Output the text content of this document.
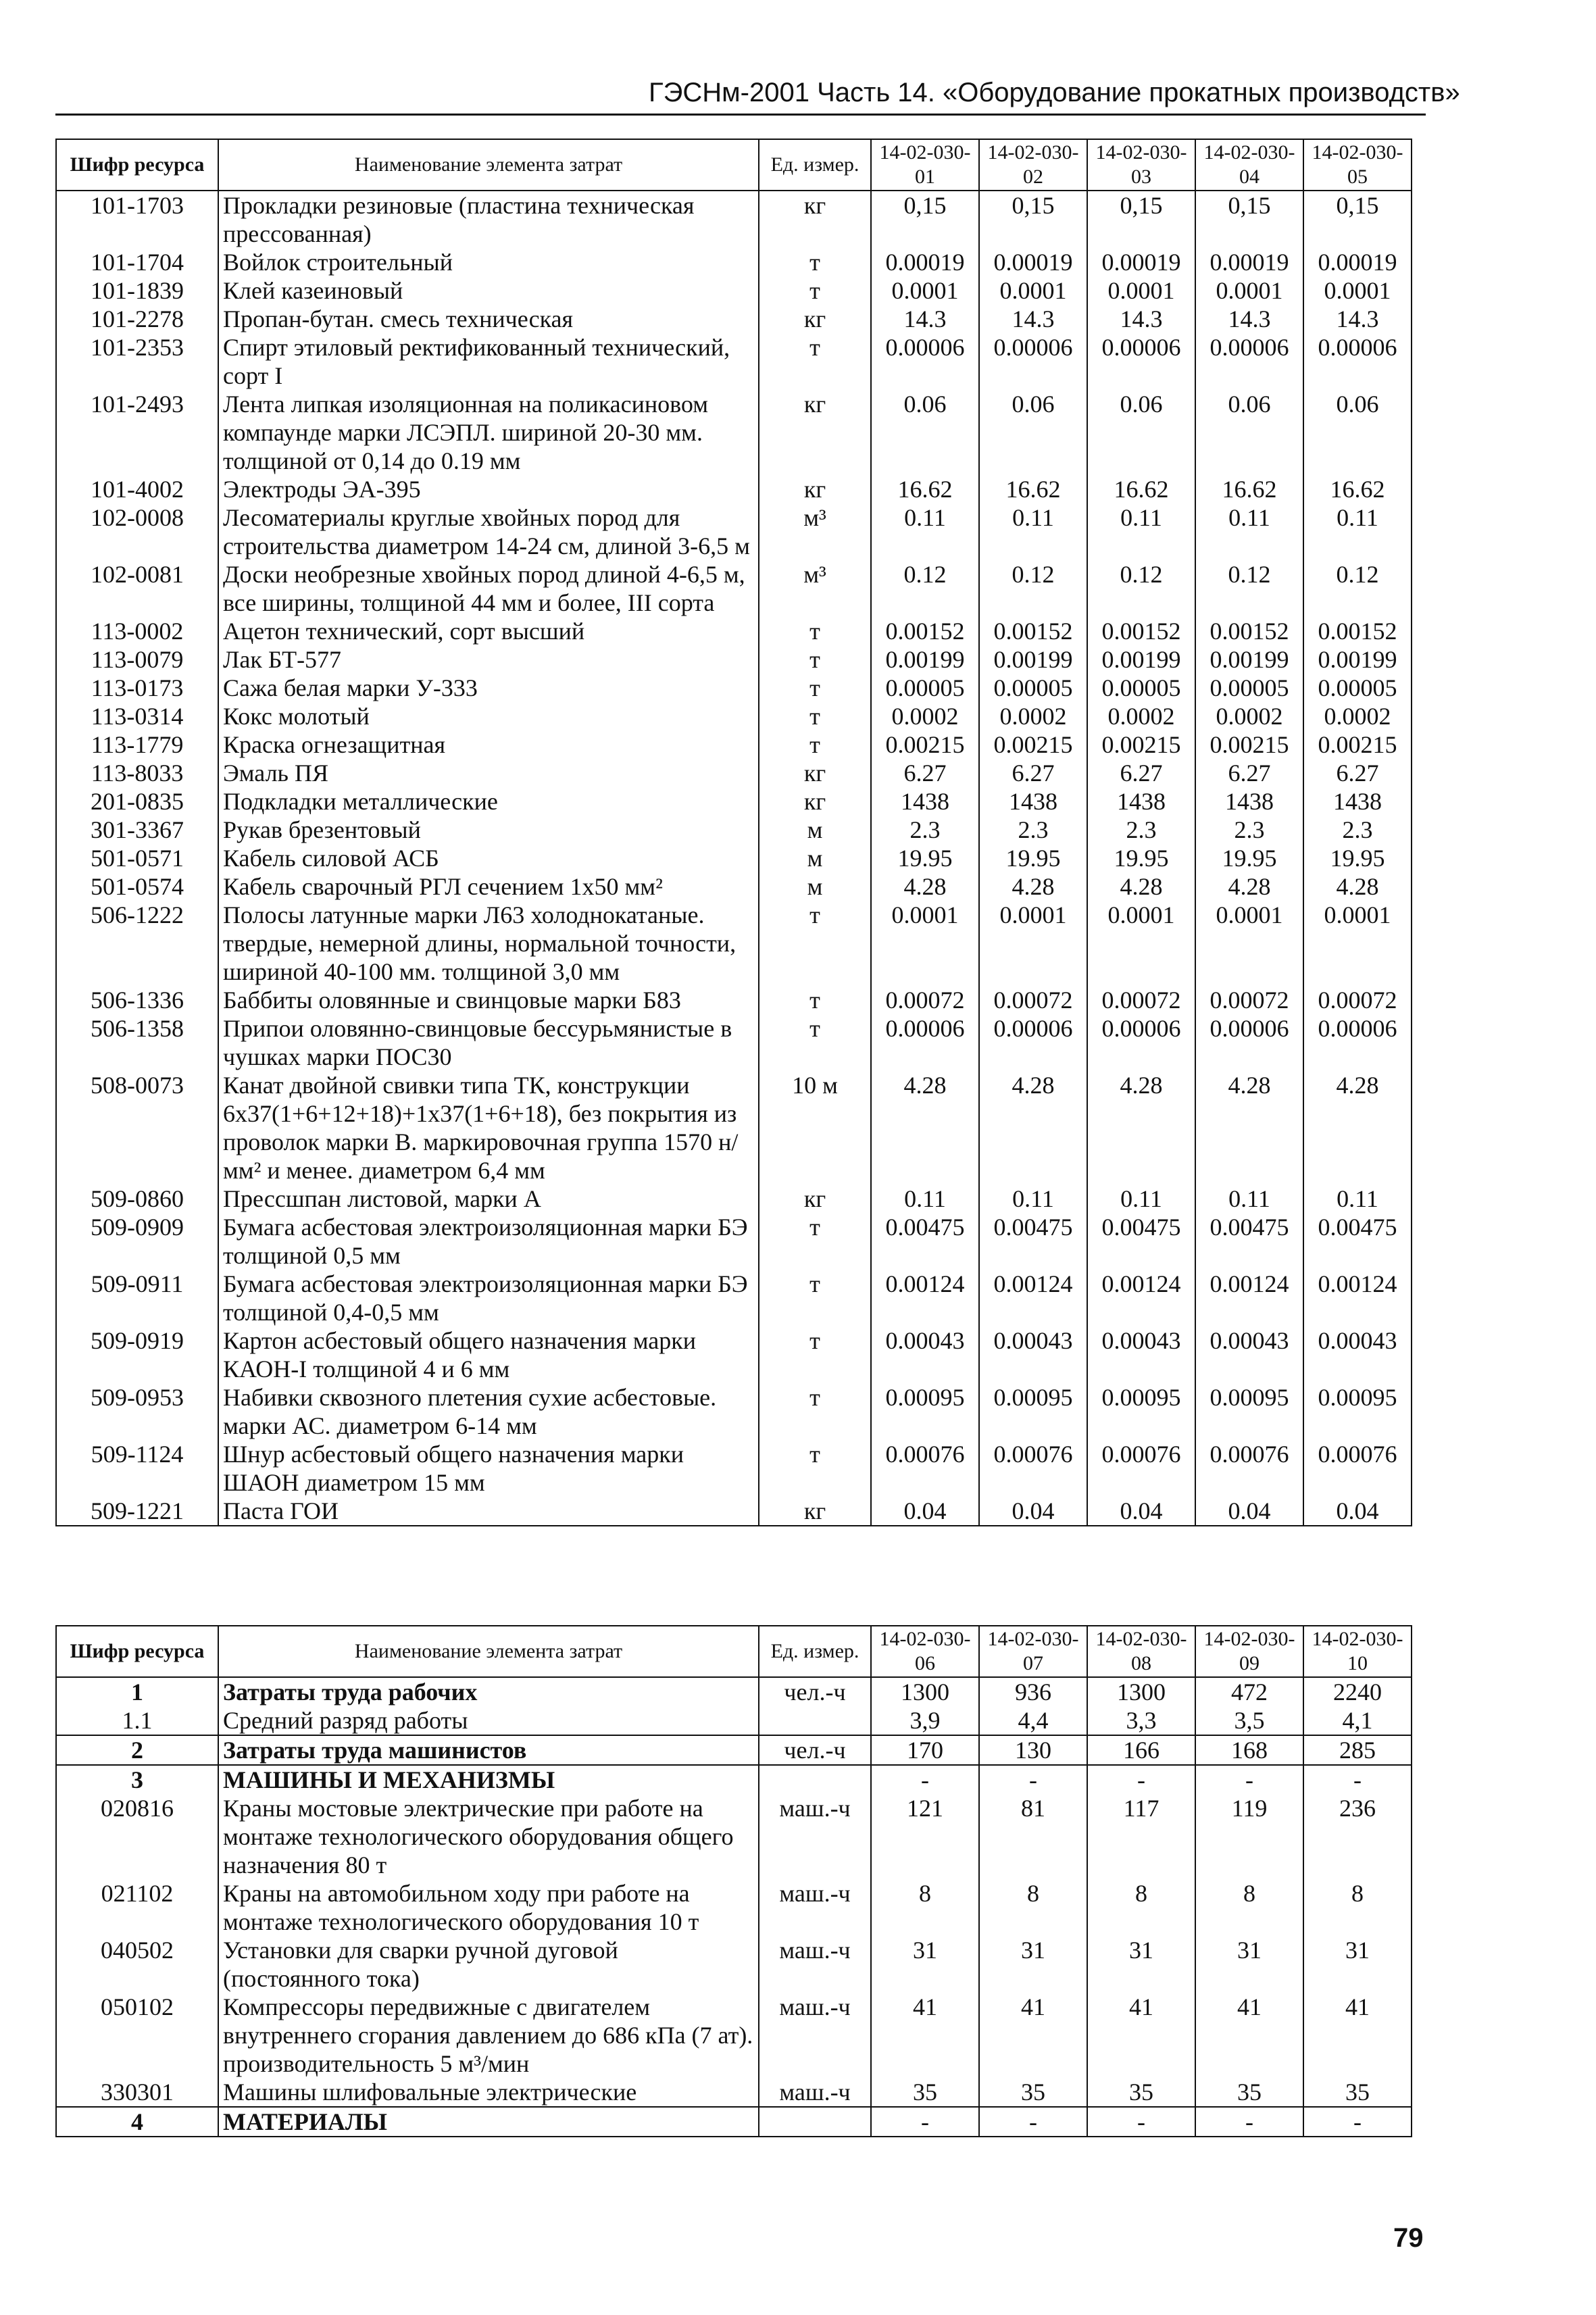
ГЭСНм-2001 Часть 14. «Оборудование прокатных производств»
Шифр ресурса	Наименование элемента затрат	Ед. измер.	14-02-030-01	14-02-030-02	14-02-030-03	14-02-030-04	14-02-030-05
101-1703	Прокладки резиновые (пластина техническая прессованная)	кг	0,15	0,15	0,15	0,15	0,15
101-1704	Войлок строительный	т	0.00019	0.00019	0.00019	0.00019	0.00019
101-1839	Клей казеиновый	т	0.0001	0.0001	0.0001	0.0001	0.0001
101-2278	Пропан-бутан. смесь техническая	кг	14.3	14.3	14.3	14.3	14.3
101-2353	Спирт этиловый ректификованный технический, сорт I	т	0.00006	0.00006	0.00006	0.00006	0.00006
101-2493	Лента липкая изоляционная на поликасиновом компаунде марки ЛСЭПЛ. шириной 20-30 мм. толщиной от 0,14 до 0.19 мм	кг	0.06	0.06	0.06	0.06	0.06
101-4002	Электроды ЭА-395	кг	16.62	16.62	16.62	16.62	16.62
102-0008	Лесоматериалы круглые хвойных пород для строительства диаметром 14-24 см, длиной 3-6,5 м	м³	0.11	0.11	0.11	0.11	0.11
102-0081	Доски необрезные хвойных пород длиной 4-6,5 м, все ширины, толщиной 44 мм и более, III сорта	м³	0.12	0.12	0.12	0.12	0.12
113-0002	Ацетон технический, сорт высший	т	0.00152	0.00152	0.00152	0.00152	0.00152
113-0079	Лак БТ-577	т	0.00199	0.00199	0.00199	0.00199	0.00199
113-0173	Сажа белая марки У-333	т	0.00005	0.00005	0.00005	0.00005	0.00005
113-0314	Кокс молотый	т	0.0002	0.0002	0.0002	0.0002	0.0002
113-1779	Краска огнезащитная	т	0.00215	0.00215	0.00215	0.00215	0.00215
113-8033	Эмаль ПЯ	кг	6.27	6.27	6.27	6.27	6.27
201-0835	Подкладки металлические	кг	1438	1438	1438	1438	1438
301-3367	Рукав брезентовый	м	2.3	2.3	2.3	2.3	2.3
501-0571	Кабель силовой АСБ	м	19.95	19.95	19.95	19.95	19.95
501-0574	Кабель сварочный РГЛ сечением 1х50 мм²	м	4.28	4.28	4.28	4.28	4.28
506-1222	Полосы латунные марки Л63 холоднокатаные. твердые, немерной длины, нормальной точности, шириной 40-100 мм. толщиной 3,0 мм	т	0.0001	0.0001	0.0001	0.0001	0.0001
506-1336	Баббиты оловянные и свинцовые марки Б83	т	0.00072	0.00072	0.00072	0.00072	0.00072
506-1358	Припои оловянно-свинцовые бессурьмянистые в чушках марки ПОС30	т	0.00006	0.00006	0.00006	0.00006	0.00006
508-0073	Канат двойной свивки типа ТК, конструкции 6х37(1+6+12+18)+1х37(1+6+18), без покрытия из проволок марки В. маркировочная группа 1570 н/мм² и менее. диаметром 6,4 мм	10 м	4.28	4.28	4.28	4.28	4.28
509-0860	Прессшпан листовой, марки А	кг	0.11	0.11	0.11	0.11	0.11
509-0909	Бумага асбестовая электроизоляционная марки БЭ толщиной 0,5 мм	т	0.00475	0.00475	0.00475	0.00475	0.00475
509-0911	Бумага асбестовая электроизоляционная марки БЭ толщиной 0,4-0,5 мм	т	0.00124	0.00124	0.00124	0.00124	0.00124
509-0919	Картон асбестовый общего назначения марки КАОН-I толщиной 4 и 6 мм	т	0.00043	0.00043	0.00043	0.00043	0.00043
509-0953	Набивки сквозного плетения сухие асбестовые. марки АС. диаметром 6-14 мм	т	0.00095	0.00095	0.00095	0.00095	0.00095
509-1124	Шнур асбестовый общего назначения марки ШАОН диаметром 15 мм	т	0.00076	0.00076	0.00076	0.00076	0.00076
509-1221	Паста ГОИ	кг	0.04	0.04	0.04	0.04	0.04
Шифр ресурса	Наименование элемента затрат	Ед. измер.	14-02-030-06	14-02-030-07	14-02-030-08	14-02-030-09	14-02-030-10
1	Затраты труда рабочих	чел.-ч	1300	936	1300	472	2240
1.1	Средний разряд работы		3,9	4,4	3,3	3,5	4,1
2	Затраты труда машинистов	чел.-ч	170	130	166	168	285
3	МАШИНЫ И МЕХАНИЗМЫ		-	-	-	-	-
020816	Краны мостовые электрические при работе на монтаже технологического оборудования общего назначения 80 т	маш.-ч	121	81	117	119	236
021102	Краны на автомобильном ходу при работе на монтаже технологического оборудования 10 т	маш.-ч	8	8	8	8	8
040502	Установки для сварки ручной дуговой (постоянного тока)	маш.-ч	31	31	31	31	31
050102	Компрессоры передвижные с двигателем внутреннего сгорания давлением до 686 кПа (7 ат). производительность 5 м³/мин	маш.-ч	41	41	41	41	41
330301	Машины шлифовальные электрические	маш.-ч	35	35	35	35	35
4	МАТЕРИАЛЫ		-	-	-	-	-
79
